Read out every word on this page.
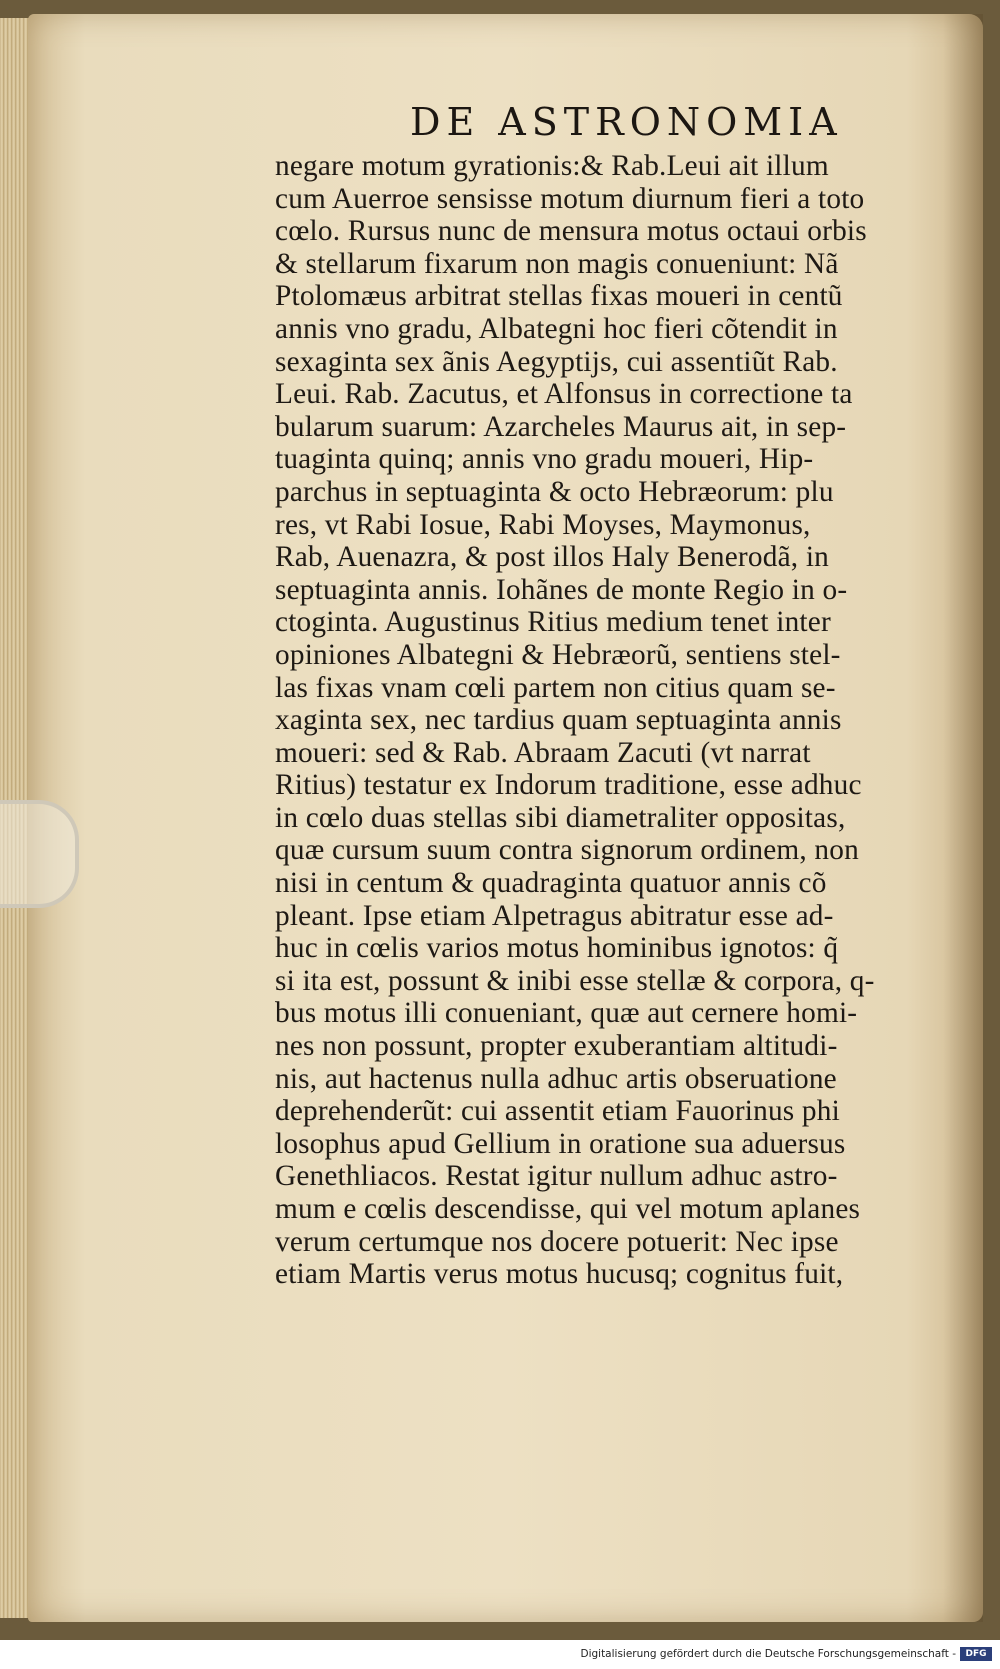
DE ASTRONOMIA
negare motum gyrationis:& Rab.Leui ait illum
cum Auerroe sensisse motum diurnum fieri a toto
cœlo. Rursus nunc de mensura motus octaui orbis
& stellarum fixarum non magis conueniunt: Nã
Ptolomæus arbitrat stellas fixas moueri in centũ
annis vno gradu, Albategni hoc fieri cõtendit in
sexaginta sex ãnis Aegyptijs, cui assentiũt Rab.
Leui. Rab. Zacutus, et Alfonsus in correctione ta
bularum suarum: Azarcheles Maurus ait, in sep-
tuaginta quinq; annis vno gradu moueri, Hip-
parchus in septuaginta & octo Hebræorum: plu
res, vt Rabi Iosue, Rabi Moyses, Maymonus,
Rab, Auenazra, & post illos Haly Benerodã, in
septuaginta annis. Iohãnes de monte Regio in o-
ctoginta. Augustinus Ritius medium tenet inter
opiniones Albategni & Hebræorũ, sentiens stel-
las fixas vnam cœli partem non citius quam se-
xaginta sex, nec tardius quam septuaginta annis
moueri: sed & Rab. Abraam Zacuti (vt narrat
Ritius) testatur ex Indorum traditione, esse adhuc
in cœlo duas stellas sibi diametraliter oppositas,
quæ cursum suum contra signorum ordinem, non
nisi in centum & quadraginta quatuor annis cõ
pleant. Ipse etiam Alpetragus abitratur esse ad-
huc in cœlis varios motus hominibus ignotos: q̃
si ita est, possunt & inibi esse stellæ & corpora, q-
bus motus illi conueniant, quæ aut cernere homi-
nes non possunt, propter exuberantiam altitudi-
nis, aut hactenus nulla adhuc artis obseruatione
deprehenderũt: cui assentit etiam Fauorinus phi
losophus apud Gellium in oratione sua aduersus
Genethliacos. Restat igitur nullum adhuc astro-
mum e cœlis descendisse, qui vel motum aplanes
verum certumque nos docere potuerit: Nec ipse
etiam Martis verus motus hucusq; cognitus fuit,
Digitalisierung gefördert durch die Deutsche Forschungsgemeinschaft -	DFG
